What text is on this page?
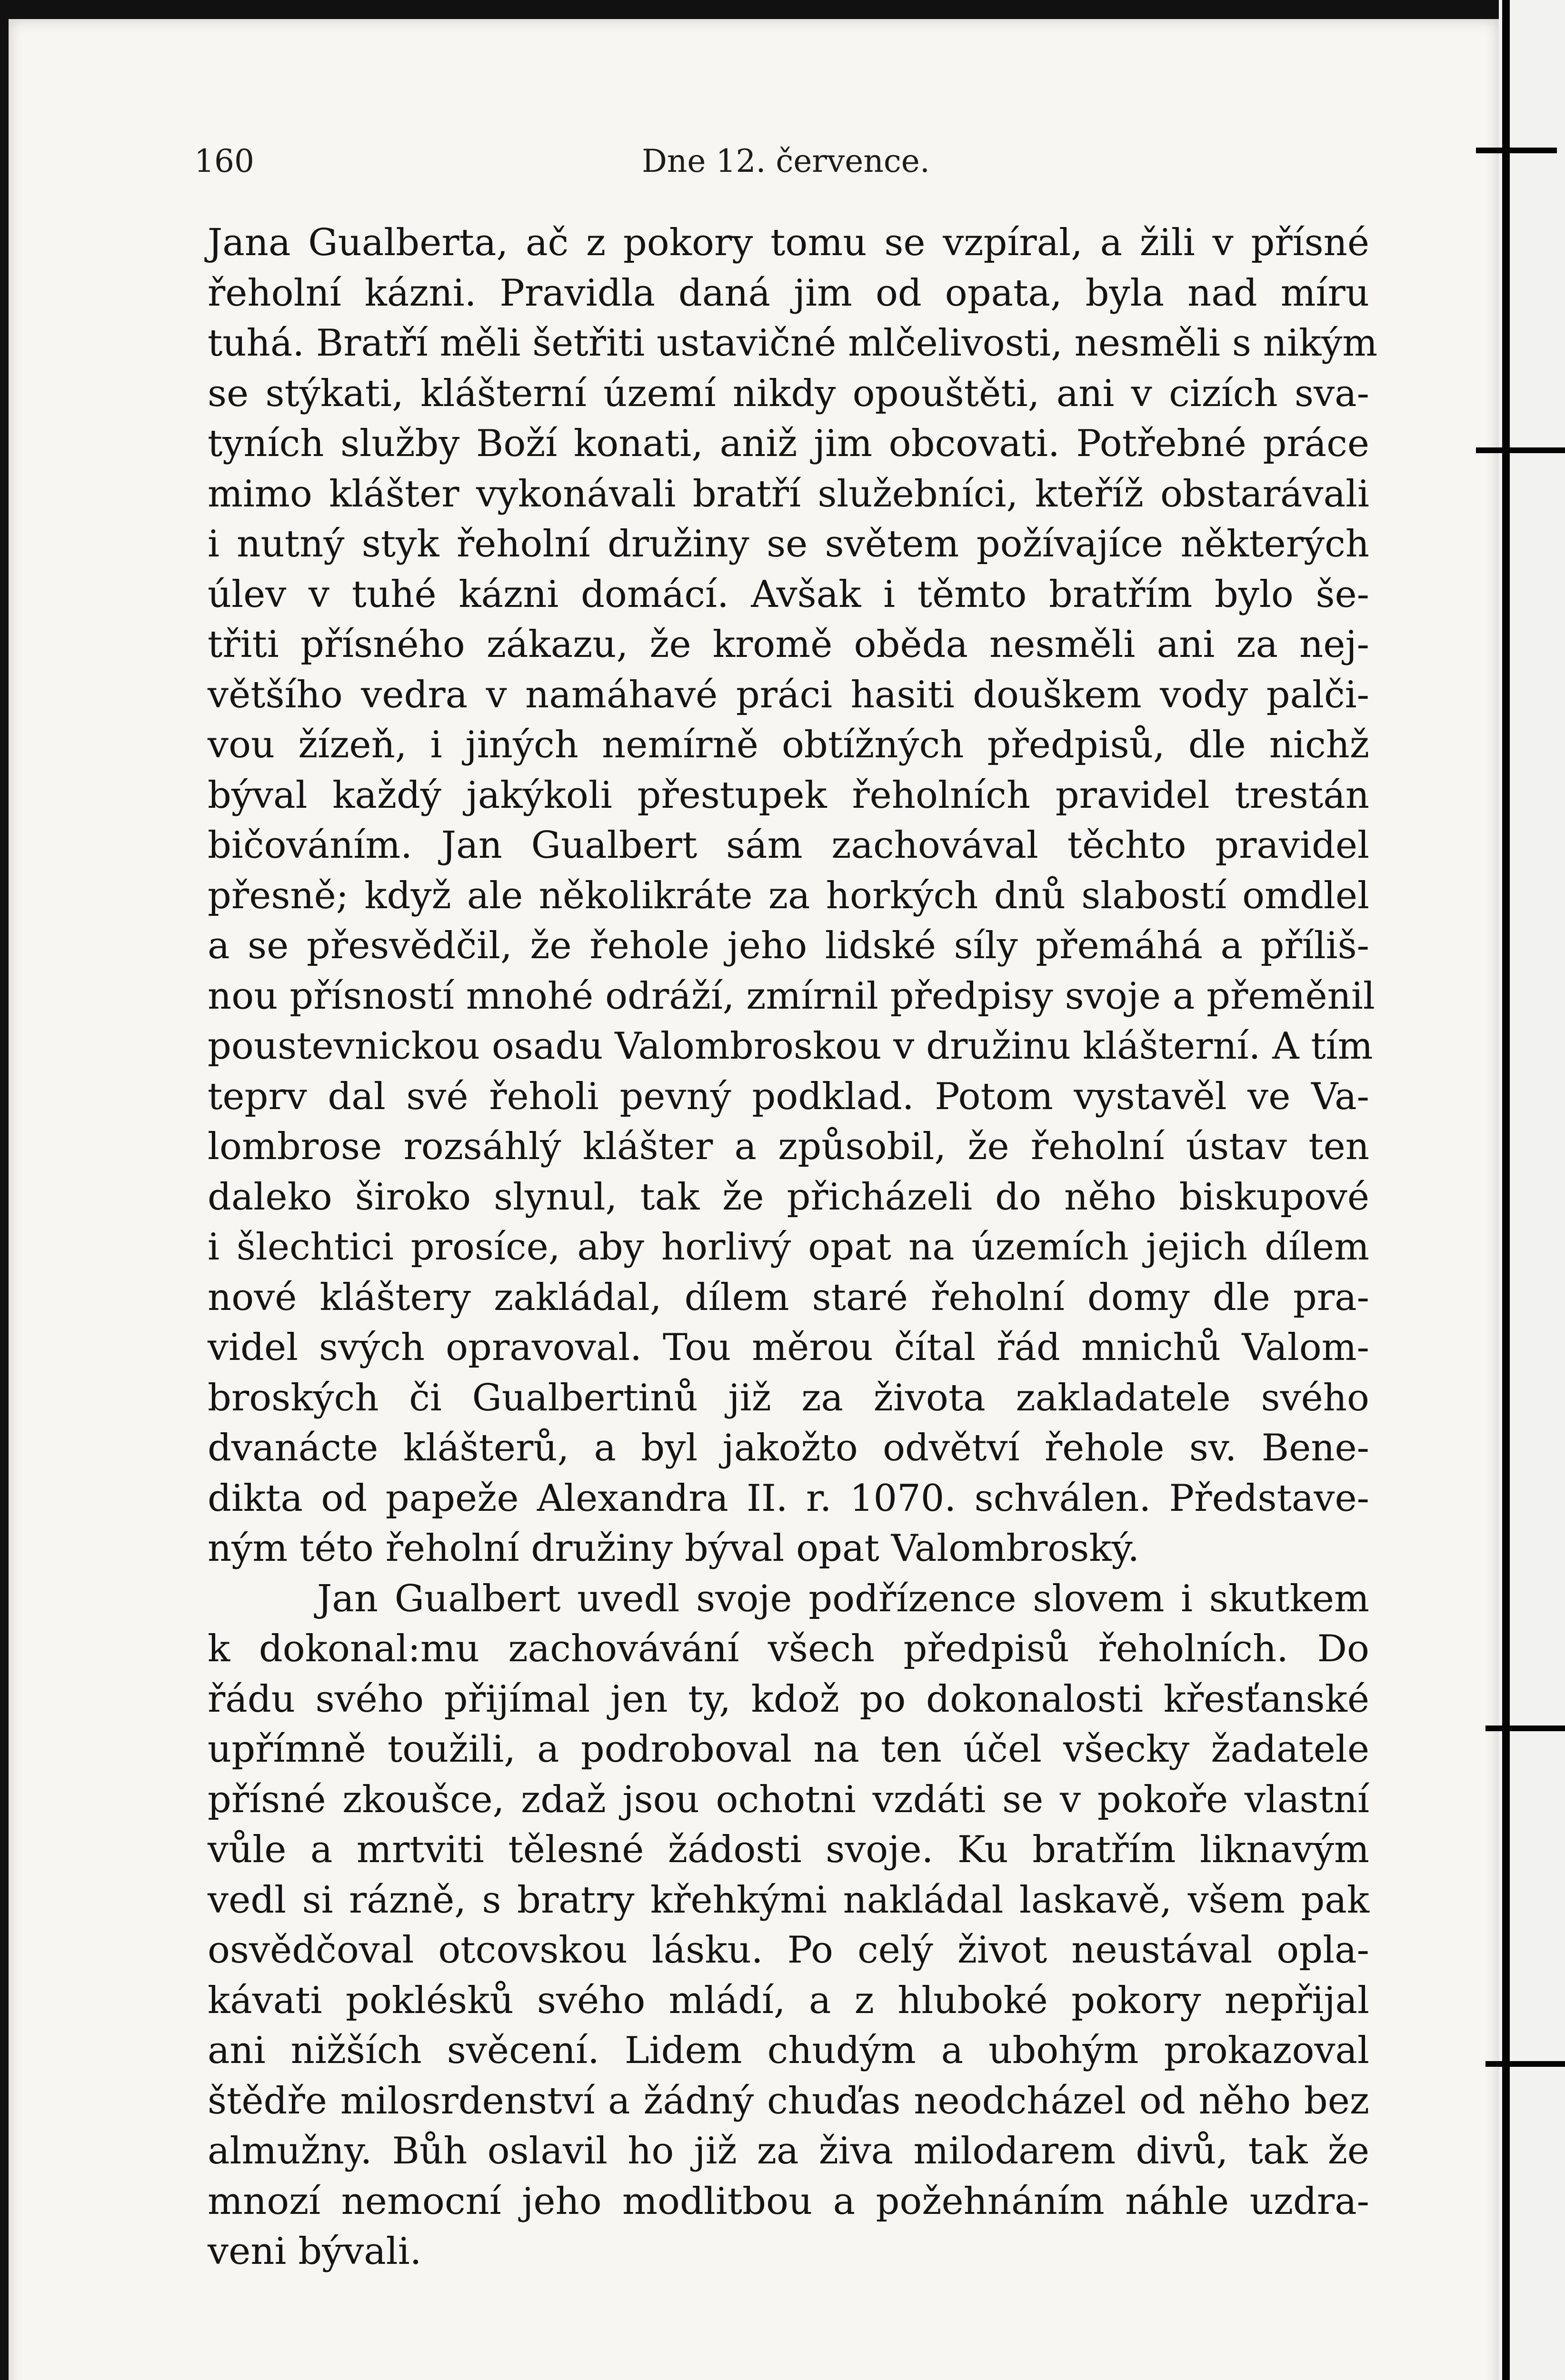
160	Dne 12. července.
Jana Gualberta, ač z pokory tomu se vzpíral, a žili v přísné
řeholní kázni. Pravidla daná jim od opata, byla nad míru
tuhá. Bratří měli šetřiti ustavičné mlčelivosti, nesměli s nikým
se stýkati, klášterní území nikdy opouštěti, ani v cizích sva-
tyních služby Boží konati, aniž jim obcovati. Potřebné práce
mimo klášter vykonávali bratří služebníci, kteříž obstarávali
i nutný styk řeholní družiny se světem požívajíce některých
úlev v tuhé kázni domácí. Avšak i těmto bratřím bylo še-
třiti přísného zákazu, že kromě oběda nesměli ani za nej-
většího vedra v namáhavé práci hasiti douškem vody palči-
vou žízeň, i jiných nemírně obtížných předpisů, dle nichž
býval každý jakýkoli přestupek řeholních pravidel trestán
bičováním. Jan Gualbert sám zachovával těchto pravidel
přesně; když ale několikráte za horkých dnů slabostí omdlel
a se přesvědčil, že řehole jeho lidské síly přemáhá a příliš-
nou přísností mnohé odráží, zmírnil předpisy svoje a přeměnil
poustevnickou osadu Valombroskou v družinu klášterní. A tím
teprv dal své řeholi pevný podklad. Potom vystavěl ve Va-
lombrose rozsáhlý klášter a způsobil, že řeholní ústav ten
daleko široko slynul, tak že přicházeli do něho biskupové
i šlechtici prosíce, aby horlivý opat na územích jejich dílem
nové kláštery zakládal, dílem staré řeholní domy dle pra-
videl svých opravoval. Tou měrou čítal řád mnichů Valom-
broských či Gualbertinů již za života zakladatele svého
dvanácte klášterů, a byl jakožto odvětví řehole sv. Bene-
dikta od papeže Alexandra II. r. 1070. schválen. Představe-
ným této řeholní družiny býval opat Valombroský.
Jan Gualbert uvedl svoje podřízence slovem i skutkem
k dokonal:mu zachovávání všech předpisů řeholních. Do
řádu svého přijímal jen ty, kdož po dokonalosti křesťanské
upřímně toužili, a podroboval na ten účel všecky žadatele
přísné zkoušce, zdaž jsou ochotni vzdáti se v pokoře vlastní
vůle a mrtviti tělesné žádosti svoje. Ku bratřím liknavým
vedl si rázně, s bratry křehkými nakládal laskavě, všem pak
osvědčoval otcovskou lásku. Po celý život neustával opla-
kávati poklésků svého mládí, a z hluboké pokory nepřijal
ani nižších svěcení. Lidem chudým a ubohým prokazoval
štědře milosrdenství a žádný chuďas neodcházel od něho bez
almužny. Bůh oslavil ho již za živa milodarem divů, tak že
mnozí nemocní jeho modlitbou a požehnáním náhle uzdra-
veni bývali.
